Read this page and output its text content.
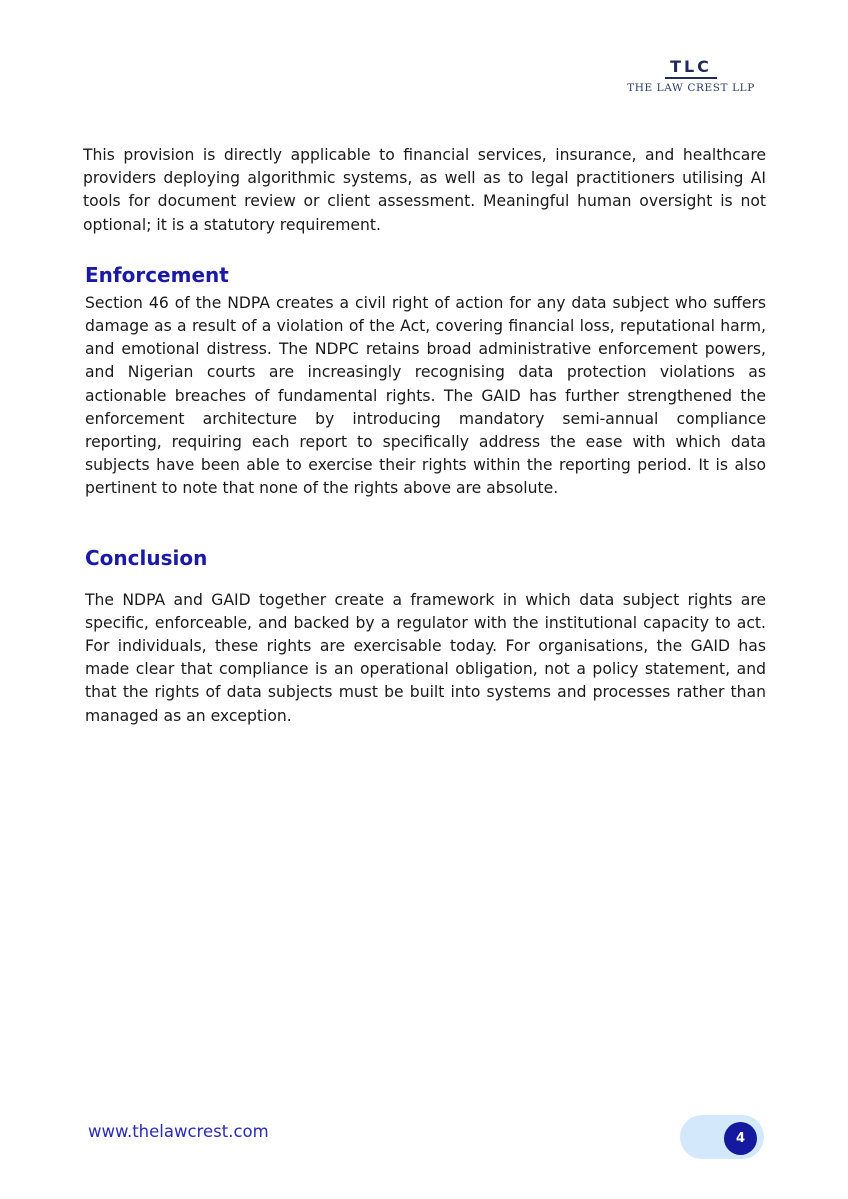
TLC
THE LAW CREST LLP

This provision is directly applicable to financial services, insurance, and healthcare providers deploying algorithmic systems, as well as to legal practitioners utilising AI tools for document review or client assessment. Meaningful human oversight is not optional; it is a statutory requirement.

Enforcement

Section 46 of the NDPA creates a civil right of action for any data subject who suffers damage as a result of a violation of the Act, covering financial loss, reputational harm, and emotional distress. The NDPC retains broad administrative enforcement powers, and Nigerian courts are increasingly recognising data protection violations as actionable breaches of fundamental rights. The GAID has further strengthened the enforcement architecture by introducing mandatory semi-annual compliance reporting, requiring each report to specifically address the ease with which data subjects have been able to exercise their rights within the reporting period. It is also pertinent to note that none of the rights above are absolute.

Conclusion

The NDPA and GAID together create a framework in which data subject rights are specific, enforceable, and backed by a regulator with the institutional capacity to act. For individuals, these rights are exercisable today. For organisations, the GAID has made clear that compliance is an operational obligation, not a policy statement, and that the rights of data subjects must be built into systems and processes rather than managed as an exception.

www.thelawcrest.com	4
